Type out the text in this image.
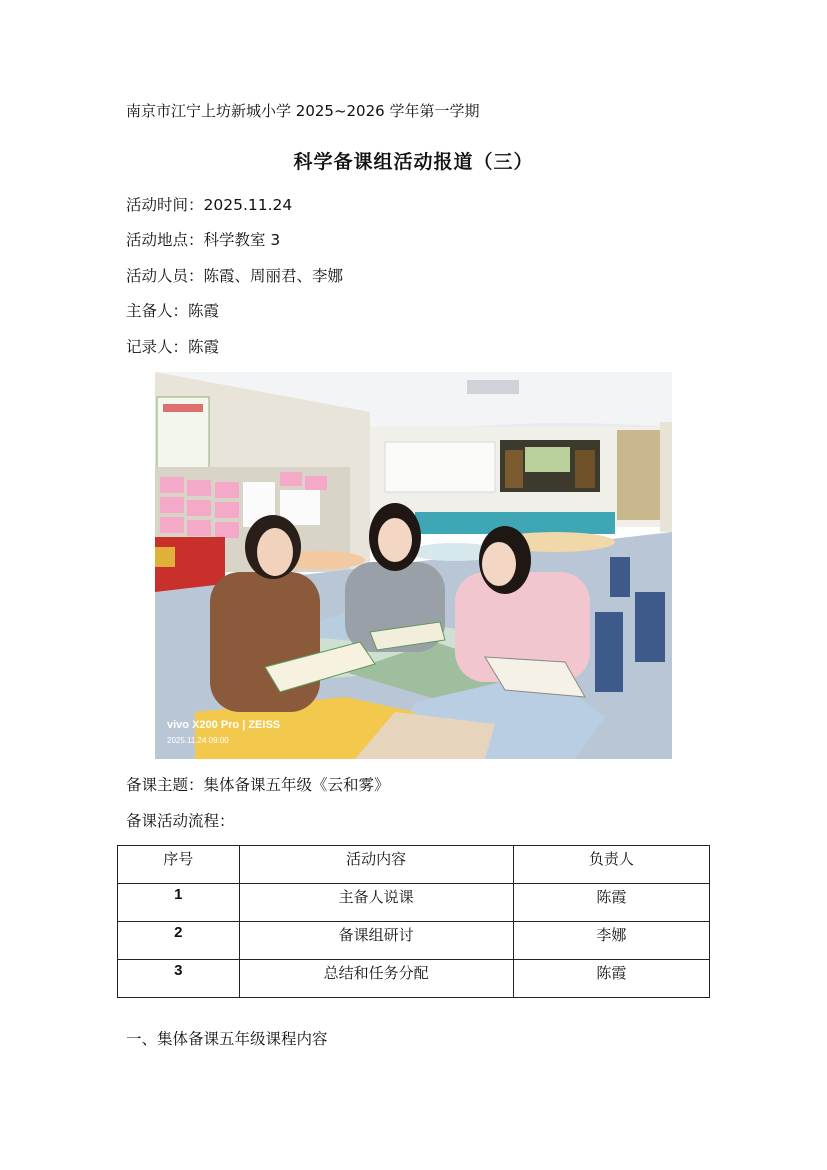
南京市江宁上坊新城小学 2025~2026 学年第一学期
科学备课组活动报道（三）
活动时间：2025.11.24
活动地点：科学教室 3
活动人员：陈霞、周丽君、李娜
主备人：陈霞
记录人：陈霞
vivo X200 Pro | ZEISS
2025.11.24 09:00
备课主题：集体备课五年级《云和雾》
备课活动流程：
序号	活动内容	负责人
1	主备人说课	陈霞
2	备课组研讨	李娜
3	总结和任务分配	陈霞
一、集体备课五年级课程内容
